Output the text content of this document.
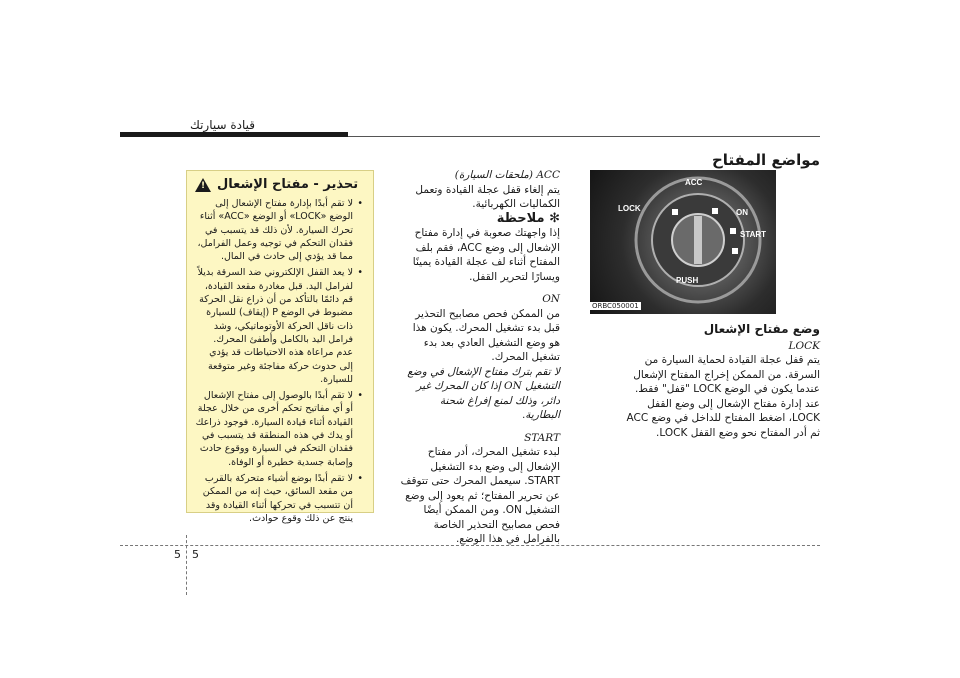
قيادة سيارتك
مواضع المفتاح
ACC
LOCK	ON
START
PUSH
ORBC050001

وضع مفتاح الإشعال

LOCK

يتم قفل عجلة القيادة لحماية السيارة من السرقة. من الممكن إخراج المفتاح الإشعال عندما يكون في الوضع LOCK "قفل" فقط. عند إدارة مفتاح الإشعال إلى وضع القفل LOCK، اضغط المفتاح للداخل في وضع ACC ثم أدر المفتاح نحو وضع القفل LOCK.

ACC (ملحقات السيارة)

يتم إلغاء قفل عجلة القيادة وتعمل الكماليات الكهربائية.

✻ ملاحظة

إذا واجهتك صعوبة في إدارة مفتاح الإشعال إلى وضع ACC، فقم بلف المفتاح أثناء لف عجلة القيادة يمينًا ويسارًا لتحرير القفل.

ON

من الممكن فحص مصابيح التحذير قبل بدء تشغيل المحرك. يكون هذا هو وضع التشغيل العادي بعد بدء تشغيل المحرك.

لا تقم بترك مفتاح الإشعال في وضع التشغيل ON إذا كان المحرك غير دائر، وذلك لمنع إفراغ شحنة البطارية.

START

لبدء تشغيل المحرك، أدر مفتاح الإشعال إلى وضع بدء التشغيل START. سيعمل المحرك حتى تتوقف عن تحرير المفتاح؛ ثم يعود إلى وضع التشغيل ON. ومن الممكن أيضًا فحص مصابيح التحذير الخاصة بالفرامل في هذا الوضع.

تحذير - مفتاح الإشعال
!
• لا تقم أبدًا بإدارة مفتاح الإشعال إلى الوضع «LOCK» أو الوضع «ACC» أثناء تحرك السيارة. لأن ذلك قد يتسبب في فقدان التحكم في توجيه وعمل الفرامل، مما قد يؤدي إلى حادث في المال.
• لا يعد القفل الإلكتروني ضد السرقة بديلاً لفرامل اليد. قبل مغادرة مقعد القيادة، قم دائمًا بالتأكد من أن ذراع نقل الحركة مضبوط في الوضع P (إيقاف) للسيارة ذات ناقل الحركة الأوتوماتيكي، وشد فرامل اليد بالكامل وأطفئ المحرك. عدم مراعاة هذه الاحتياطات قد يؤدي إلى حدوث حركة مفاجئة وغير متوقعة للسيارة.
• لا تقم أبدًا بالوصول إلى مفتاح الإشعال أو أي مفاتيح تحكم أخرى من خلال عجلة القيادة أثناء قيادة السيارة. فوجود ذراعك أو يدك في هذه المنطقة قد يتسبب في فقدان التحكم في السيارة ووقوع حادث وإصابة جسدية خطيرة أو الوفاة.
• لا تقم أبدًا بوضع أشياء متحركة بالقرب من مقعد السائق، حيث إنه من الممكن أن تتسبب في تحركها أثناء القيادة وقد ينتج عن ذلك وقوع حوادث.
5 5
